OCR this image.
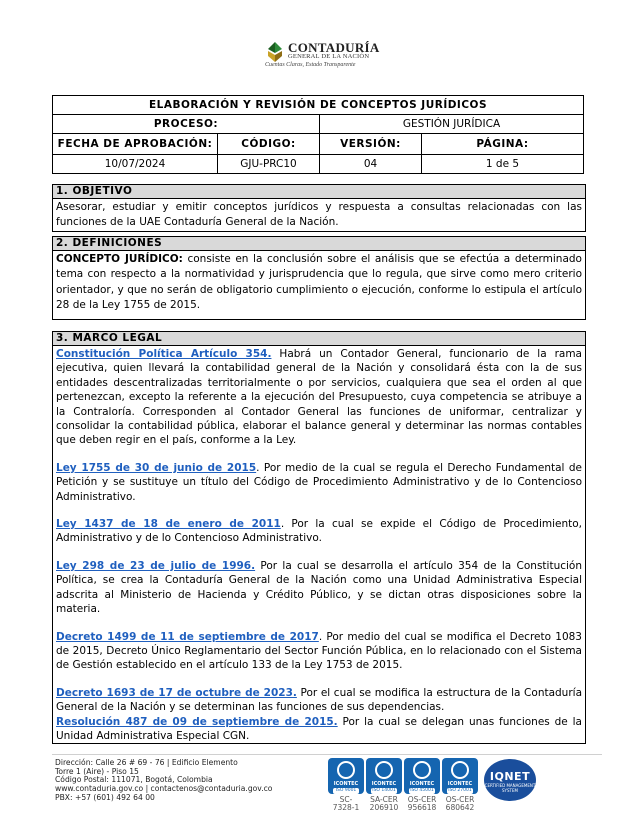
CONTADURÍA
GENERAL DE LA NACIÓN
Cuentas Claras, Estado Transparente
ELABORACIÓN Y REVISIÓN DE CONCEPTOS JURÍDICOS			
PROCESO:		GESTIÓN JURÍDICA	
FECHA DE APROBACIÓN:	CÓDIGO:	VERSIÓN:	PÁGINA:
10/07/2024	GJU-PRC10	04	1 de 5
1. OBJETIVO
Asesorar, estudiar y emitir conceptos jurídicos y respuesta a consultas relacionadas con las funciones de la UAE Contaduría General de la Nación.
2. DEFINICIONES
CONCEPTO JURÍDICO: consiste en la conclusión sobre el análisis que se efectúa a determinado tema con respecto a la normatividad y jurisprudencia que lo regula, que sirve como mero criterio orientador, y que no serán de obligatorio cumplimiento o ejecución, conforme lo estipula el artículo 28 de la Ley 1755 de 2015.
3. MARCO LEGAL

Constitución Política Artículo 354. Habrá un Contador General, funcionario de la rama ejecutiva, quien llevará la contabilidad general de la Nación y consolidará ésta con la de sus entidades descentralizadas territorialmente o por servicios, cualquiera que sea el orden al que pertenezcan, excepto la referente a la ejecución del Presupuesto, cuya competencia se atribuye a la Contraloría. Corresponden al Contador General las funciones de uniformar, centralizar y consolidar la contabilidad pública, elaborar el balance general y determinar las normas contables que deben regir en el país, conforme a la Ley.

Ley 1755 de 30 de junio de 2015. Por medio de la cual se regula el Derecho Fundamental de Petición y se sustituye un título del Código de Procedimiento Administrativo y de lo Contencioso Administrativo.

Ley 1437 de 18 de enero de 2011. Por la cual se expide el Código de Procedimiento, Administrativo y de lo Contencioso Administrativo.

Ley 298 de 23 de julio de 1996. Por la cual se desarrolla el artículo 354 de la Constitución Política, se crea la Contaduría General de la Nación como una Unidad Administrativa Especial adscrita al Ministerio de Hacienda y Crédito Público, y se dictan otras disposiciones sobre la materia.

Decreto 1499 de 11 de septiembre de 2017. Por medio del cual se modifica el Decreto 1083 de 2015, Decreto Único Reglamentario del Sector Función Pública, en lo relacionado con el Sistema de Gestión establecido en el artículo 133 de la Ley 1753 de 2015.

Decreto 1693 de 17 de octubre de 2023. Por el cual se modifica la estructura de la Contaduría General de la Nación y se determinan las funciones de sus dependencias.

Resolución 487 de 09 de septiembre de 2015. Por la cual se delegan unas funciones de la Unidad Administrativa Especial CGN.

Dirección: Calle 26 # 69 - 76 | Edificio Elemento
Torre 1 (Aire) - Piso 15
Código Postal: 111071, Bogotá, Colombia
www.contaduria.gov.co | contactenos@contaduria.gov.co
PBX: +57 (601) 492 64 00
ICONTEC
ISO 9001
SC-
7328-1
ICONTEC
ISO 14001
SA-CER
206910
ICONTEC
ISO 45001
OS-CER
956618
ICONTEC
ISO 27001
OS-CER
680642
IQNET
CERTIFIED MANAGEMENT SYSTEM
